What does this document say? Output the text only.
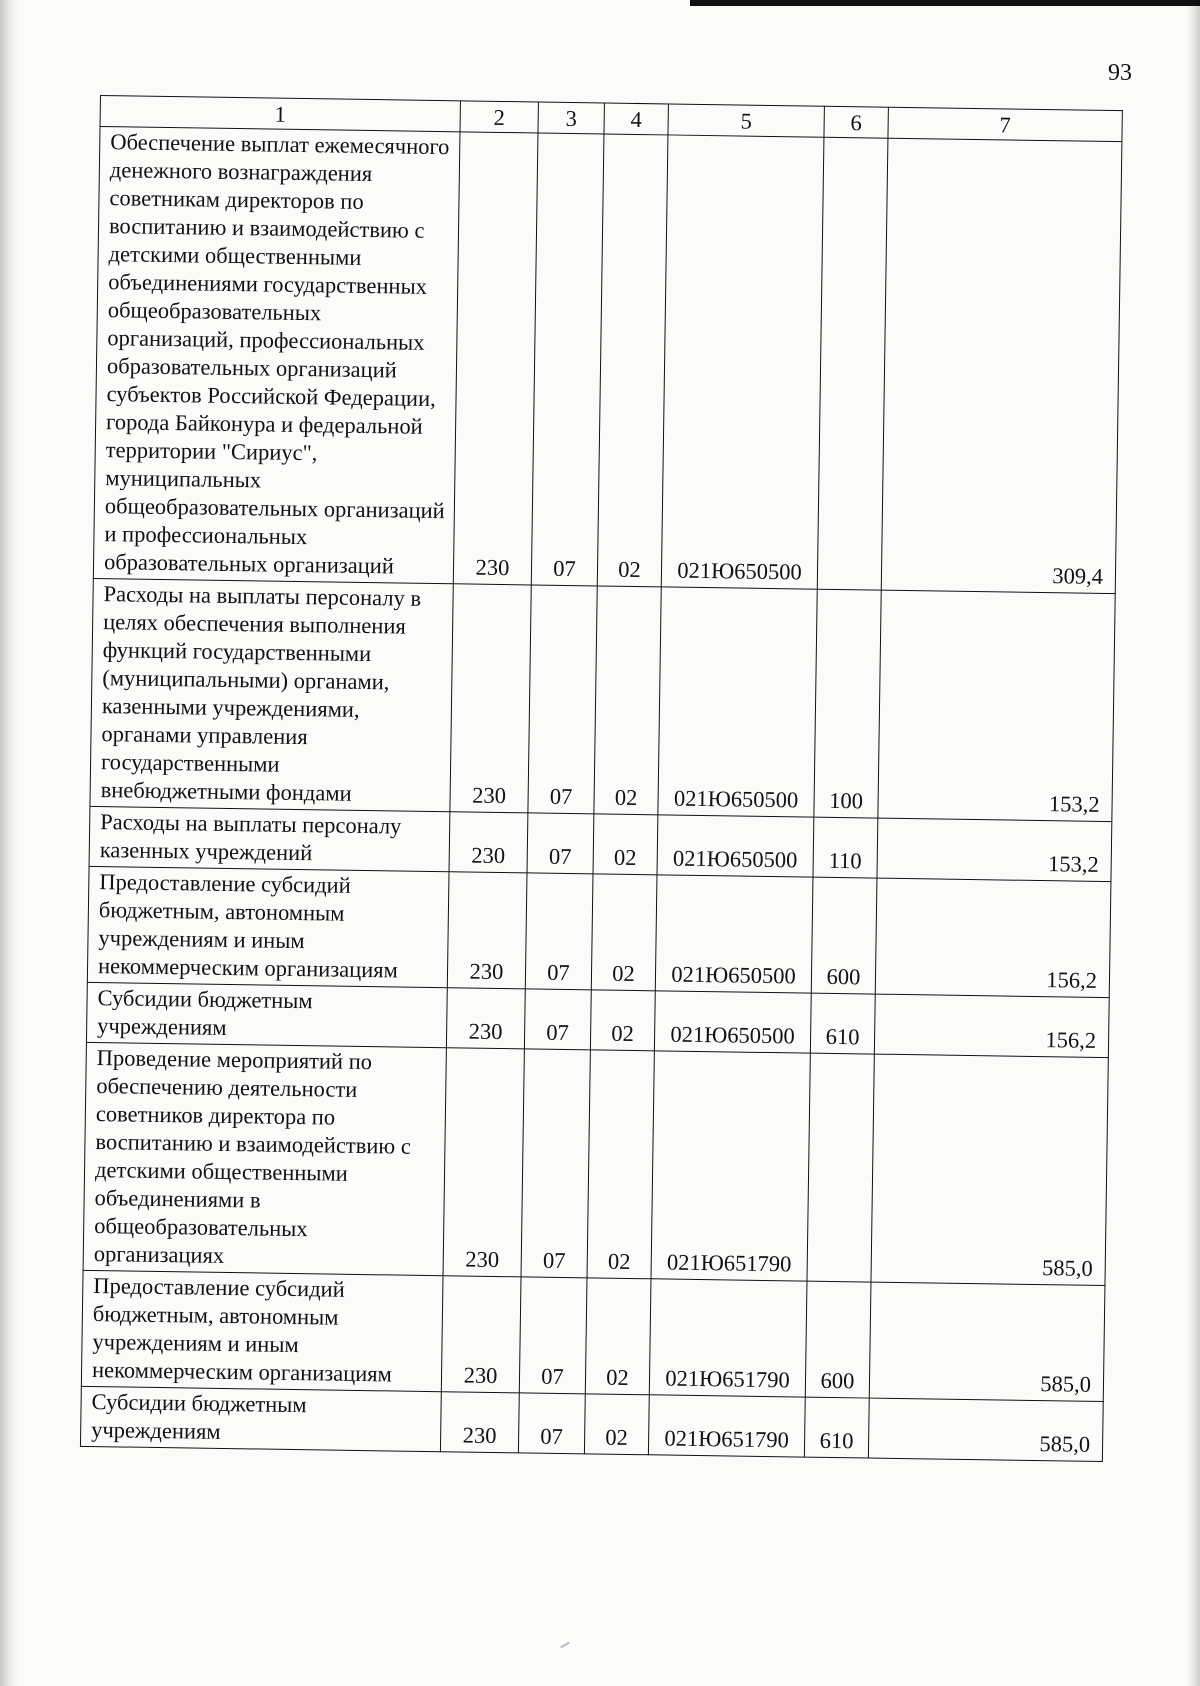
93
1	2	3	4	5	6	7
Обеспечение выплат ежемесячного денежного вознаграждения советникам директоров по воспитанию и взаимодействию с детскими общественными объединениями государственных общеобразовательных организаций, профессиональных образовательных организаций субъектов Российской Федерации, города Байконура и федеральной территории "Сириус", муниципальных общеобразовательных организаций и профессиональных образовательных организаций	230	07	02	021Ю650500		309,4
Расходы на выплаты персоналу в целях обеспечения выполнения функций государственными (муниципальными) органами, казенными учреждениями, органами управления государственными внебюджетными фондами	230	07	02	021Ю650500	100	153,2
Расходы на выплаты персоналу казенных учреждений	230	07	02	021Ю650500	110	153,2
Предоставление субсидий бюджетным, автономным учреждениям и иным некоммерческим организациям	230	07	02	021Ю650500	600	156,2
Субсидии бюджетным учреждениям	230	07	02	021Ю650500	610	156,2
Проведение мероприятий по обеспечению деятельности советников директора по воспитанию и взаимодействию с детскими общественными объединениями в общеобразовательных организациях	230	07	02	021Ю651790		585,0
Предоставление субсидий бюджетным, автономным учреждениям и иным некоммерческим организациям	230	07	02	021Ю651790	600	585,0
Субсидии бюджетным учреждениям	230	07	02	021Ю651790	610	585,0
